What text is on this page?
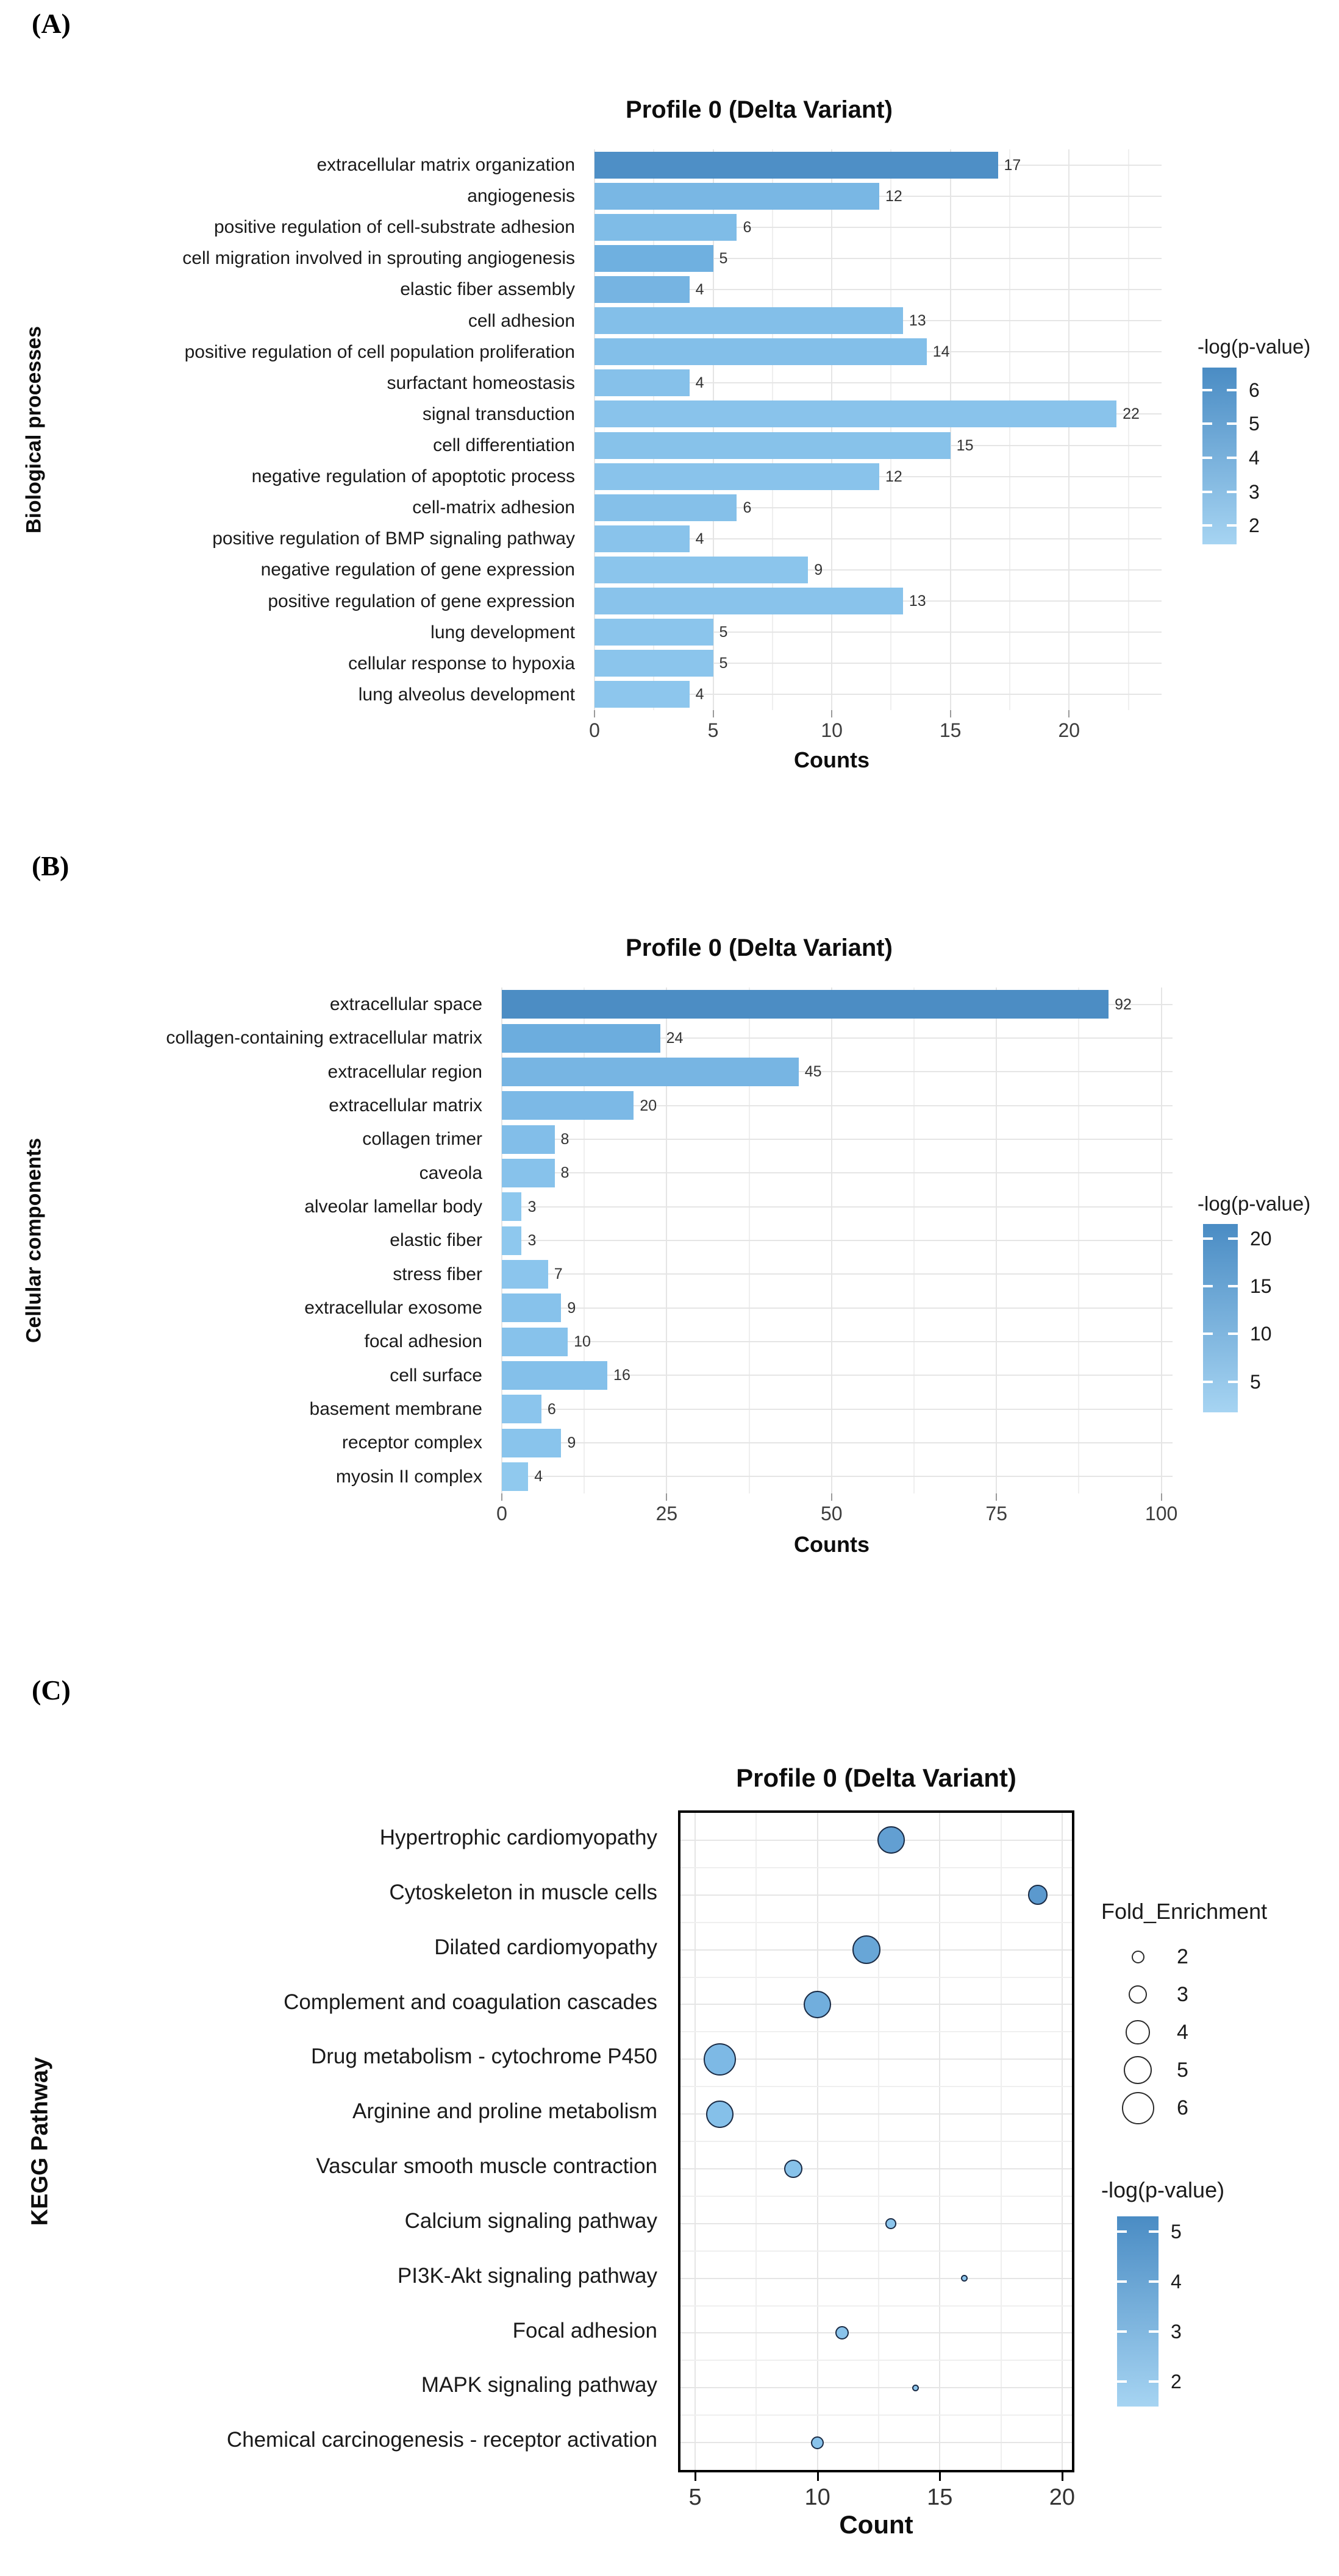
(A)
Profile 0 (Delta Variant)
Biological processes
extracellular matrix organization
angiogenesis
positive regulation of cell-substrate adhesion
cell migration involved in sprouting angiogenesis
elastic fiber assembly
cell adhesion
positive regulation of cell population proliferation
surfactant homeostasis
signal transduction
cell differentiation
negative regulation of apoptotic process
cell-matrix adhesion
positive regulation of BMP signaling pathway
negative regulation of gene expression
positive regulation of gene expression
lung development
cellular response to hypoxia
lung alveolus development
17
12
6
5
4
13
14
4
22
15
12
6
4
9
13
5
5
4
Counts
-log(p-value)
6
5
4
3
2
(B)
Profile 0 (Delta Variant)
Cellular components
extracellular space
collagen-containing extracellular matrix
extracellular region
extracellular matrix
collagen trimer
caveola
alveolar lamellar body
elastic fiber
stress fiber
extracellular exosome
focal adhesion
cell surface
basement membrane
receptor complex
myosin II complex
92
24
45
20
8
8
3
3
7
9
10
16
6
9
4
Counts
-log(p-value)
20
15
10
5
(C)
Profile 0 (Delta Variant)
KEGG Pathway
Hypertrophic cardiomyopathy
Cytoskeleton in muscle cells
Dilated cardiomyopathy
Complement and coagulation cascades
Drug metabolism - cytochrome P450
Arginine and proline metabolism
Vascular smooth muscle contraction
Calcium signaling pathway
PI3K-Akt signaling pathway
Focal adhesion
MAPK signaling pathway
Chemical carcinogenesis - receptor activation
Count
Fold_Enrichment
-log(p-value)
5
4
3
2
0	5	10	15	20
0	25	50	75	100
5	10	15	20
2
3
4
5
6
